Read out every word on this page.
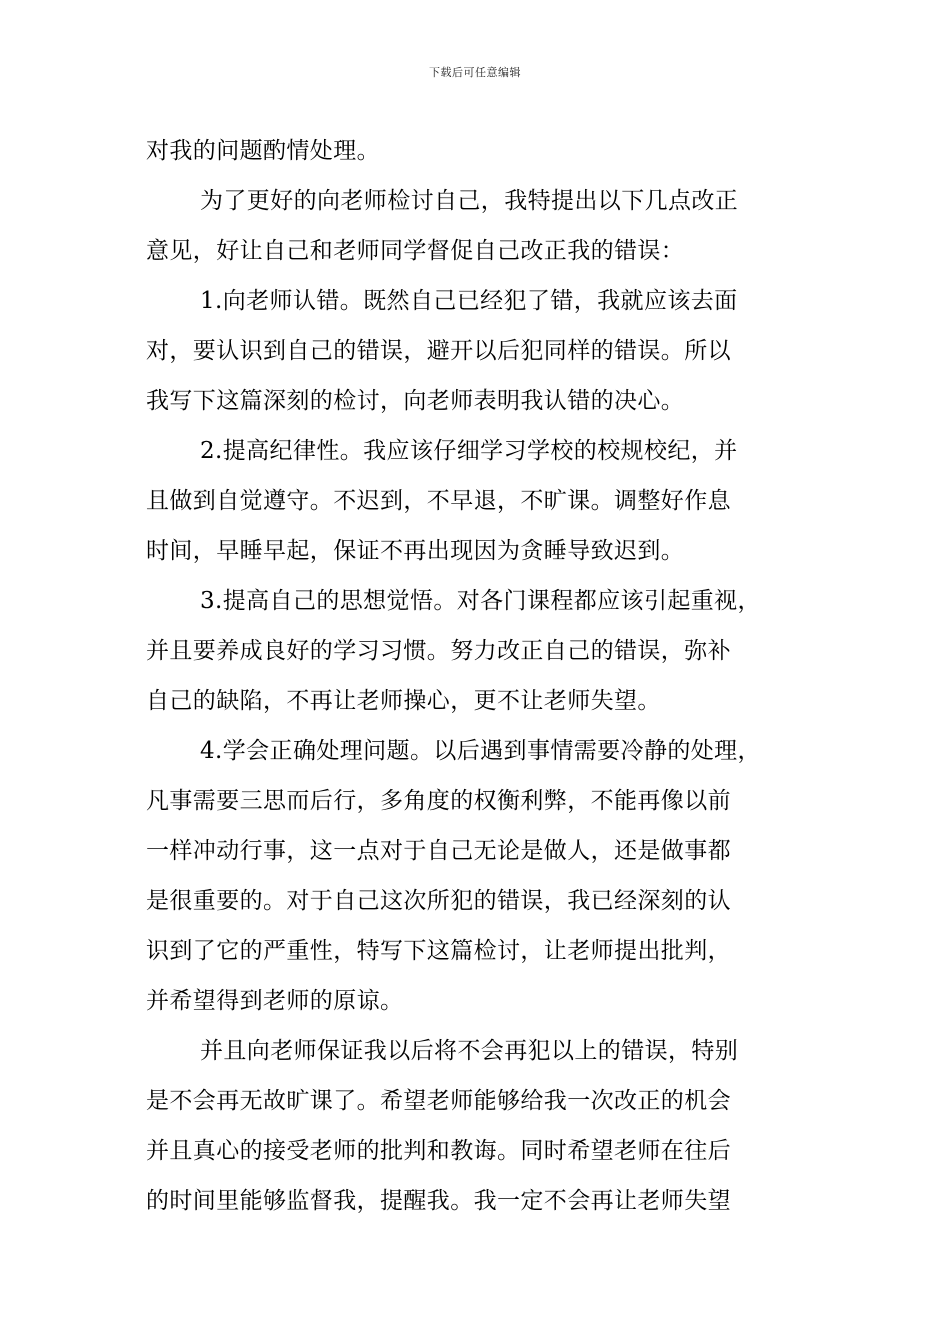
下载后可任意编辑
对我的问题酌情处理。
为了更好的向老师检讨自己，我特提出以下几点改正
意见，好让自己和老师同学督促自己改正我的错误：
1.向老师认错。既然自己已经犯了错，我就应该去面
对，要认识到自己的错误，避开以后犯同样的错误。所以
我写下这篇深刻的检讨，向老师表明我认错的决心。
2.提高纪律性。我应该仔细学习学校的校规校纪，并
且做到自觉遵守。不迟到，不早退，不旷课。调整好作息
时间，早睡早起，保证不再出现因为贪睡导致迟到。
3.提高自己的思想觉悟。对各门课程都应该引起重视，
并且要养成良好的学习习惯。努力改正自己的错误，弥补
自己的缺陷，不再让老师操心，更不让老师失望。
4.学会正确处理问题。以后遇到事情需要冷静的处理，
凡事需要三思而后行，多角度的权衡利弊，不能再像以前
一样冲动行事，这一点对于自己无论是做人，还是做事都
是很重要的。对于自己这次所犯的错误，我已经深刻的认
识到了它的严重性，特写下这篇检讨，让老师提出批判，
并希望得到老师的原谅。
并且向老师保证我以后将不会再犯以上的错误，特别
是不会再无故旷课了。希望老师能够给我一次改正的机会
并且真心的接受老师的批判和教诲。同时希望老师在往后
的时间里能够监督我，提醒我。我一定不会再让老师失望
